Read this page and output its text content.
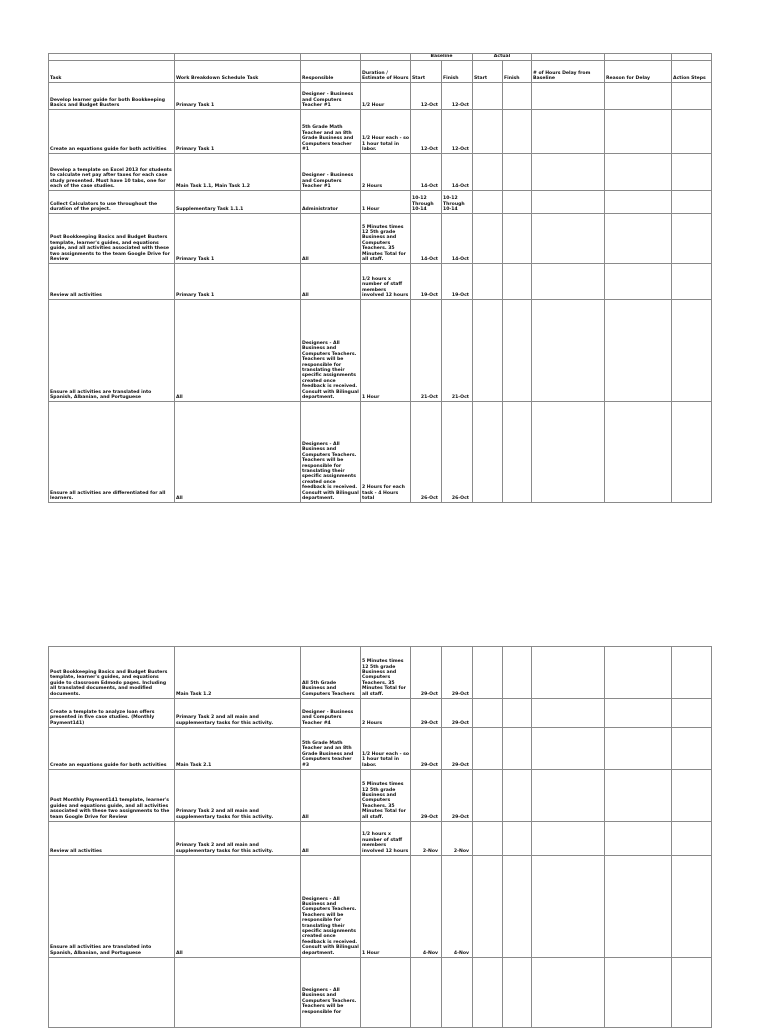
				Baseline		Actual				
Task	Work Breakdown Schedule Task	Responsible	Duration / Estimate of Hours	Start	Finish	Start	Finish	# of Hours Delay from Baseline	Reason for Delay	Action Steps
Develop learner guide for both Bookkeeping Basics and Budget Busters	Primary Task 1	Designer - Business and Computers Teacher #1	1/2 Hour	12-Oct	12-Oct					
Create an equations guide for both activities	Primary Task 1	5th Grade Math Teacher and an 8th Grade Business and Computers teacher #1	1/2 Hour each - so 1 hour total in labor.	12-Oct	12-Oct					
Develop a template on Excel 2013 for students to calculate net pay after taxes for each case study presented. Must have 10 tabs, one for each of the case studies.	Main Task 1.1, Main Task 1.2	Designer - Business and Computers Teacher #1	2 Hours	14-Oct	14-Oct					
Collect Calculators to use throughout the duration of the project.	Supplementary Task 1.1.1	Administrator	1 Hour	10-12 Through 10-14	10-12 Through 10-14					
Post Bookkeeping Basics and Budget Busters template, learner's guides, and equations guide, and all activities associated with these two assignments to the team Google Drive for Review	Primary Task 1	All	5 Minutes times 12 5th grade Business and Computers Teachers. 35 Minutes Total for all staff.	14-Oct	14-Oct					
Review all activities	Primary Task 1	All	1/2 hours x number of staff members involved 12 hours	19-Oct	19-Oct					
Ensure all activities are translated into Spanish, Albanian, and Portuguese	All	Designers - All Business and Computers Teachers. Teachers will be responsible for translating their specific assignments created once feedback is received. Consult with Bilingual department.	1 Hour	21-Oct	21-Oct					
Ensure all activities are differentiated for all learners.	All	Designers - All Business and Computers Teachers. Teachers will be responsible for translating their specific assignments created once feedback is received. Consult with Bilingual department.	2 Hours for each task - 4 Hours total	26-Oct	26-Oct					
Post Bookkeeping Basics and Budget Busters template, learner's guides, and equations guide to classroom Edmodo pages. Including all translated documents, and modified documents.	Main Task 1.2	All 5th Grade Business and Computers Teachers	5 Minutes times 12 5th grade Business and Computers Teachers. 35 Minutes Total for all staff.	29-Oct	29-Oct					
Create a template to analyze loan offers presented in five case studies. (Monthly Payment141)	Primary Task 2 and all main and supplementary tasks for this activity.	Designer - Business and Computers Teacher #4	2 Hours	29-Oct	29-Oct					
Create an equations guide for both activities	Main Task 2.1	5th Grade Math Teacher and an 8th Grade Business and Computers teacher #3	1/2 Hour each - so 1 hour total in labor.	29-Oct	29-Oct					
Post Monthly Payment141 template, learner's guides and equations guide, and all activities associated with these two assignments to the team Google Drive for Review	Primary Task 2 and all main and supplementary tasks for this activity.	All	5 Minutes times 12 5th grade Business and Computers Teachers. 35 Minutes Total for all staff.	29-Oct	29-Oct					
Review all activities	Primary Task 2 and all main and supplementary tasks for this activity.	All	1/2 hours x number of staff members involved 12 hours	2-Nov	2-Nov					
Ensure all activities are translated into Spanish, Albanian, and Portuguese	All	Designers - All Business and Computers Teachers. Teachers will be responsible for translating their specific assignments created once feedback is received. Consult with Bilingual department.	1 Hour	4-Nov	4-Nov					
		Designers - All Business and Computers Teachers. Teachers will be responsible for								
